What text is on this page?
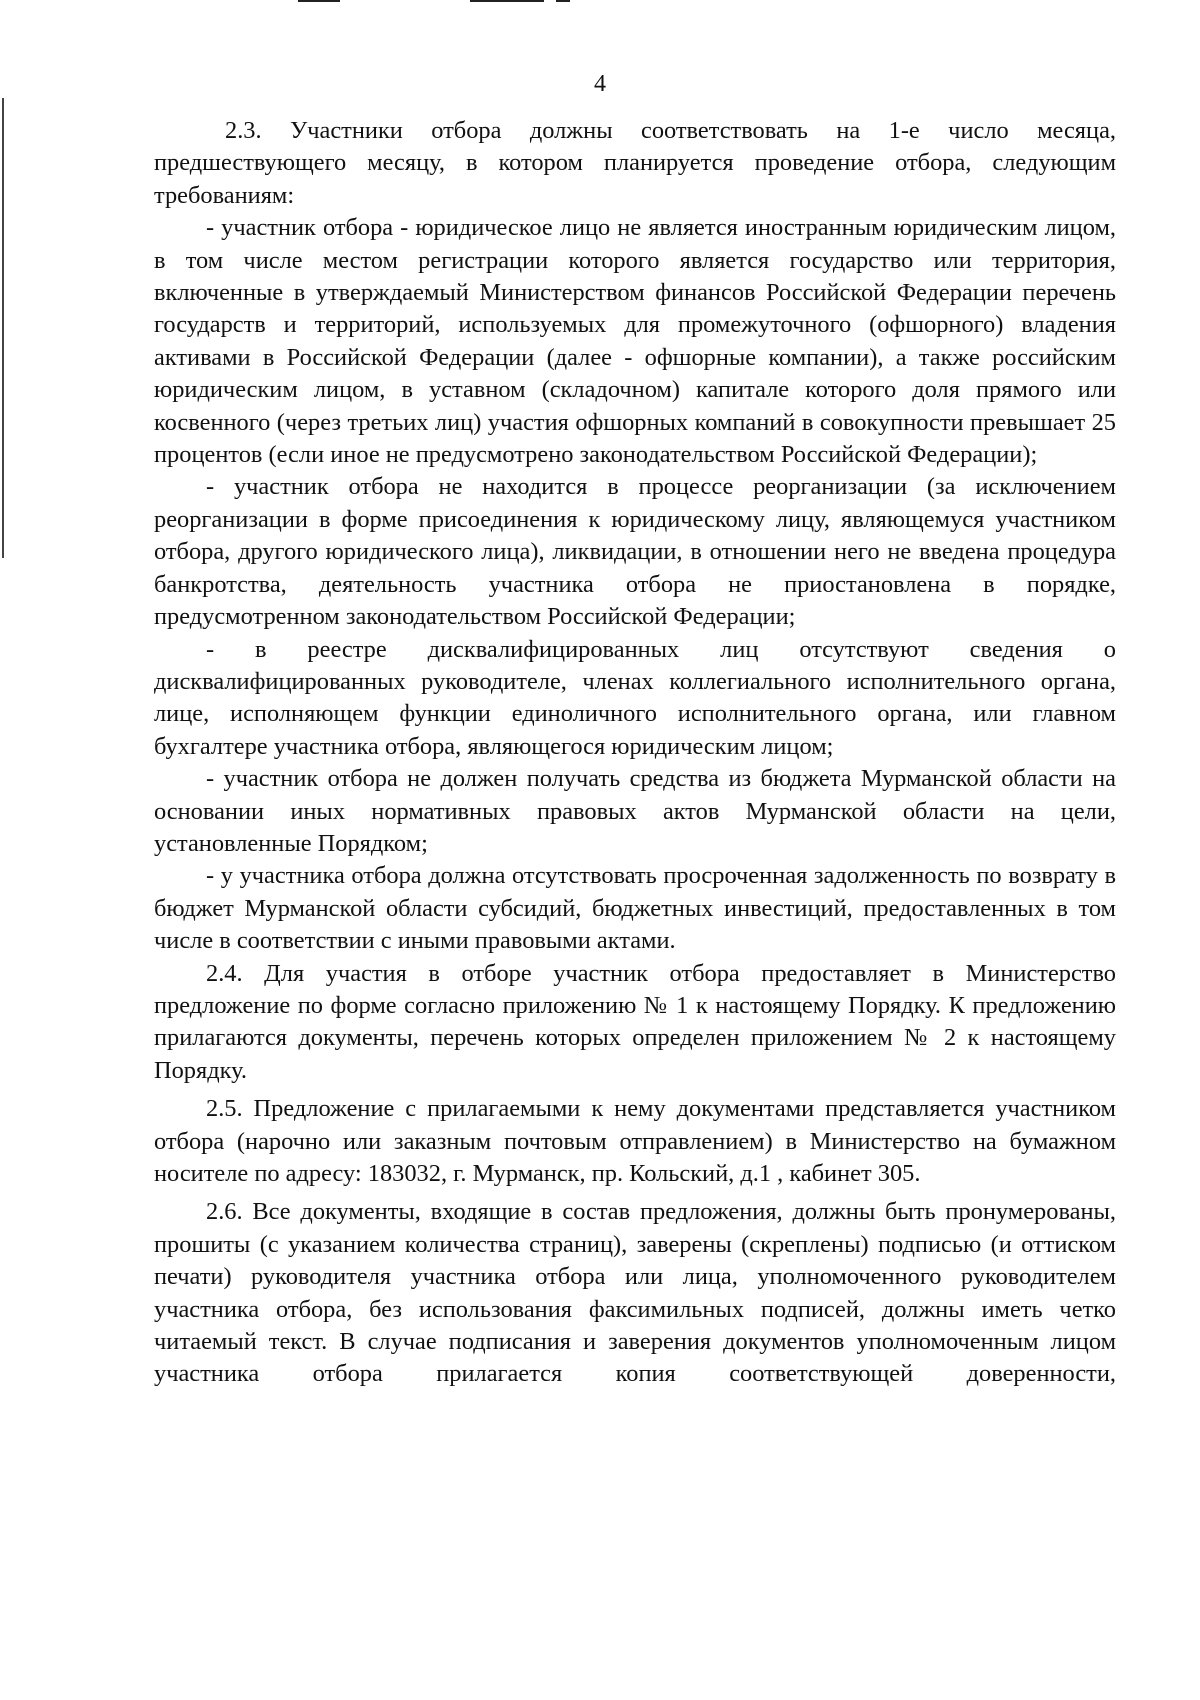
4

2.3. Участники отбора должны соответствовать на 1-е число месяца, предшествующего месяцу, в котором планируется проведение отбора, следующим требованиям:

- участник отбора - юридическое лицо не является иностранным юридическим лицом, в том числе местом регистрации которого является государство или территория, включенные в утверждаемый Министерством финансов Российской Федерации перечень государств и территорий, используемых для промежуточного (офшорного) владения активами в Российской Федерации (далее - офшорные компании), а также российским юридическим лицом, в уставном (складочном) капитале которого доля прямого или косвенного (через третьих лиц) участия офшорных компаний в совокупности превышает 25 процентов (если иное не предусмотрено законодательством Российской Федерации);

- участник отбора не находится в процессе реорганизации (за исключением реорганизации в форме присоединения к юридическому лицу, являющемуся участником отбора, другого юридического лица), ликвидации, в отношении него не введена процедура банкротства, деятельность участника отбора не приостановлена в порядке, предусмотренном законодательством Российской Федерации;

- в реестре дисквалифицированных лиц отсутствуют сведения о дисквалифицированных руководителе, членах коллегиального исполнительного органа, лице, исполняющем функции единоличного исполнительного органа, или главном бухгалтере участника отбора, являющегося юридическим лицом;

- участник отбора не должен получать средства из бюджета Мурманской области на основании иных нормативных правовых актов Мурманской области на цели, установленные Порядком;

- у участника отбора должна отсутствовать просроченная задолженность по возврату в бюджет Мурманской области субсидий, бюджетных инвестиций, предоставленных в том числе в соответствии с иными правовыми актами.

2.4. Для участия в отборе участник отбора предоставляет в Министерство предложение по форме согласно приложению № 1 к настоящему Порядку. К предложению прилагаются документы, перечень которых определен приложением № 2 к настоящему Порядку.

2.5. Предложение с прилагаемыми к нему документами представляется участником отбора (нарочно или заказным почтовым отправлением) в Министерство на бумажном носителе по адресу: 183032, г. Мурманск, пр. Кольский, д.1 , кабинет 305.

2.6. Все документы, входящие в состав предложения, должны быть пронумерованы, прошиты (с указанием количества страниц), заверены (скреплены) подписью (и оттиском печати) руководителя участника отбора или лица, уполномоченного руководителем участника отбора, без использования факсимильных подписей, должны иметь четко читаемый текст. В случае подписания и заверения документов уполномоченным лицом участника отбора прилагается копия соответствующей доверенности,
